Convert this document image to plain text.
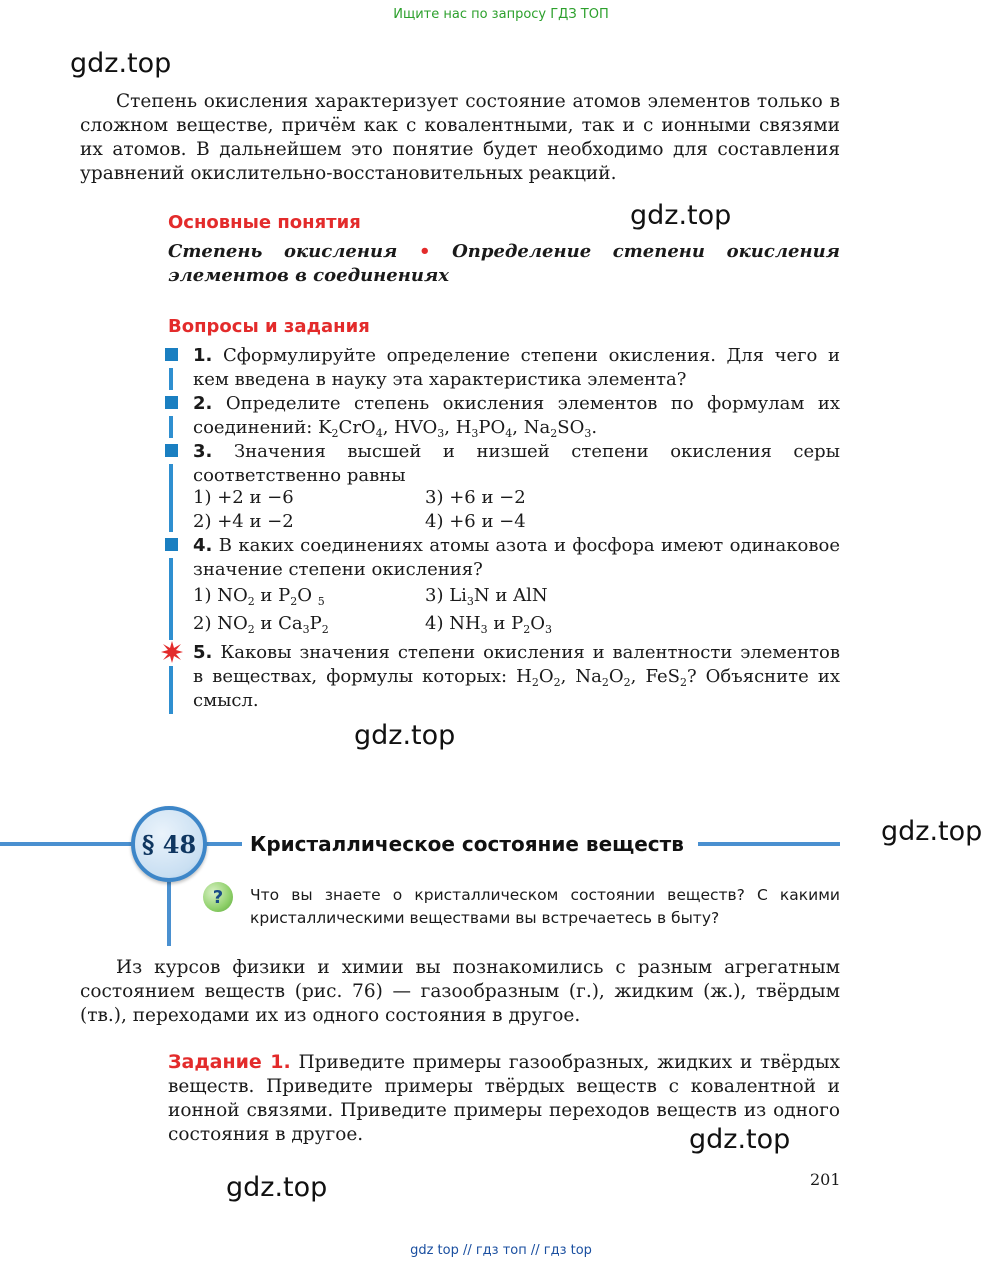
Ищите нас по запросу ГДЗ ТОП
gdz.top
gdz.top
gdz.top
gdz.top
gdz.top
gdz.top
Степень окисления характеризует состояние атомов элементов только в сложном веществе, причём как с ковалентными, так и с ионными связями их атомов. В дальнейшем это понятие будет необходимо для составления уравнений окислительно-восстановительных реакций.
Основные понятия
Степень окисления • Определение степени окисления элементов в соединениях
Вопросы и задания
1. Сформулируйте определение степени окисления. Для чего и кем введена в науку эта характеристика элемента?
2. Определите степень окисления элементов по формулам их соединений: $K_2CrO_4$, $HVO_3$, $H_3PO_4$, $Na_2SO_3$.
3. Значения высшей и низшей степени окисления серы соответственно равны
1) +2 и −6	3) +6 и −2
2) +4 и −2	4) +6 и −4
4. В каких соединениях атомы азота и фосфора имеют одинаковое значение степени окисления?
1) $NO_2$ и $P_2O$ $_5$	3) $Li_3N$ и AlN
2) $NO_2$ и $Ca_3P_2$	4) $NH_3$ и $P_2O_3$
5. Каковы значения степени окисления и валентности элементов в веществах, формулы которых: $H_2O_2$, $Na_2O_2$, FeS$_2$? Объясните их смысл.
§ 48	Кристаллическое состояние веществ
?	Что вы знаете о кристаллическом состоянии веществ? С какими кристаллическими веществами вы встречаетесь в быту?
Из курсов физики и химии вы познакомились с разным агрегатным состоянием веществ (рис. 76) — газообразным (г.), жидким (ж.), твёрдым (тв.), переходами их из одного состояния в другое.
Задание 1. Приведите примеры газообразных, жидких и твёрдых веществ. Приведите примеры твёрдых веществ с ковалентной и ионной связями. Приведите примеры переходов веществ из одного состояния в другое.
201
gdz top // гдз топ // гдз top
